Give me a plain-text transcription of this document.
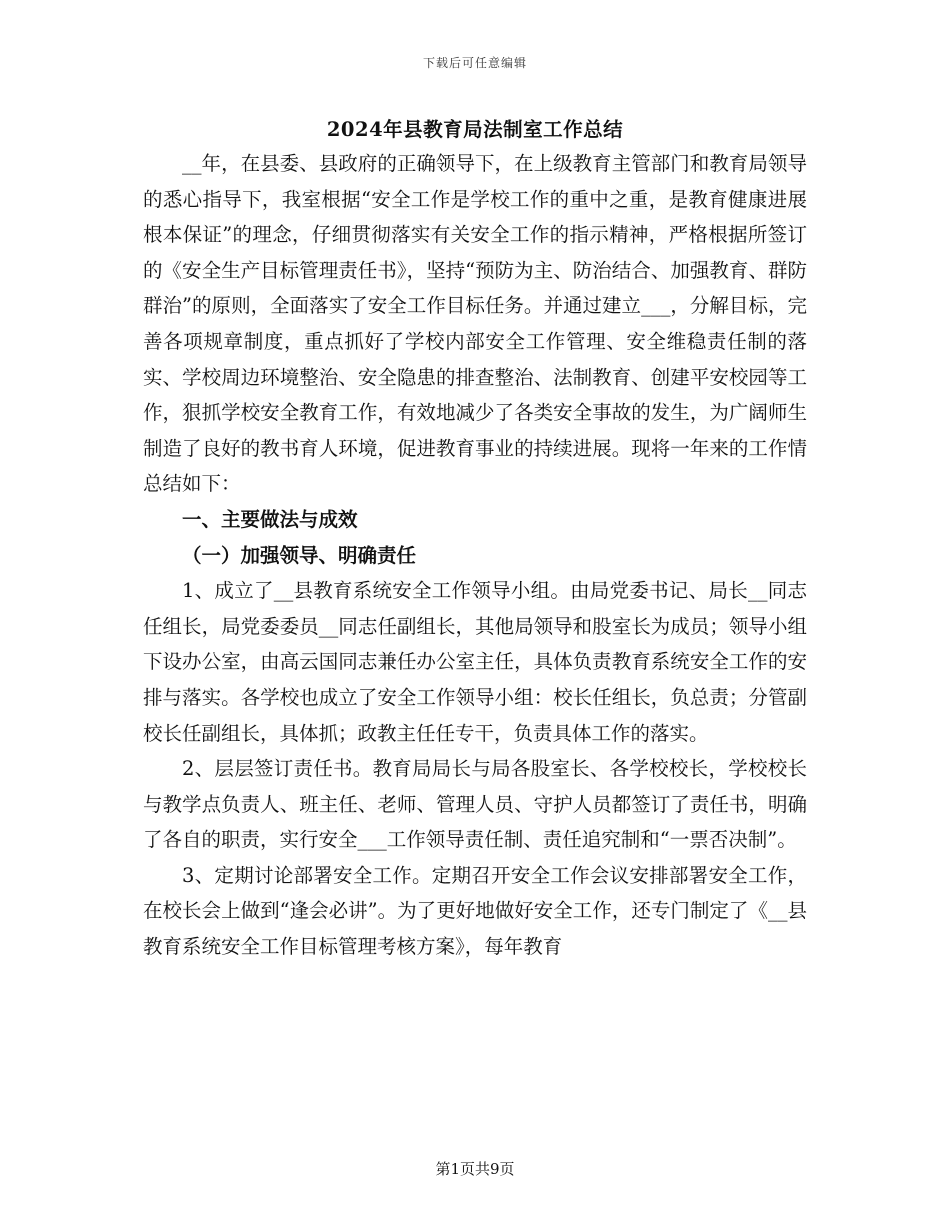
下载后可任意编辑
2024年县教育局法制室工作总结

__年，在县委、县政府的正确领导下，在上级教育主管部门和教育局领导的悉心指导下，我室根据“安全工作是学校工作的重中之重，是教育健康进展根本保证”的理念，仔细贯彻落实有关安全工作的指示精神，严格根据所签订的《安全生产目标管理责任书》，坚持“预防为主、防治结合、加强教育、群防群治”的原则，全面落实了安全工作目标任务。并通过建立___，分解目标，完善各项规章制度，重点抓好了学校内部安全工作管理、安全维稳责任制的落实、学校周边环境整治、安全隐患的排查整治、法制教育、创建平安校园等工作，狠抓学校安全教育工作，有效地减少了各类安全事故的发生，为广阔师生制造了良好的教书育人环境，促进教育事业的持续进展。现将一年来的工作情总结如下：

一、主要做法与成效

（一）加强领导、明确责任

1、成立了__县教育系统安全工作领导小组。由局党委书记、局长__同志任组长，局党委委员__同志任副组长，其他局领导和股室长为成员；领导小组下设办公室，由高云国同志兼任办公室主任，具体负责教育系统安全工作的安排与落实。各学校也成立了安全工作领导小组：校长任组长，负总责；分管副校长任副组长，具体抓；政教主任任专干，负责具体工作的落实。

2、层层签订责任书。教育局局长与局各股室长、各学校校长，学校校长与教学点负责人、班主任、老师、管理人员、守护人员都签订了责任书，明确了各自的职责，实行安全___工作领导责任制、责任追究制和“一票否决制”。

3、定期讨论部署安全工作。定期召开安全工作会议安排部署安全工作，在校长会上做到“逢会必讲”。为了更好地做好安全工作，还专门制定了《__县教育系统安全工作目标管理考核方案》，每年教育

第1页共9页
